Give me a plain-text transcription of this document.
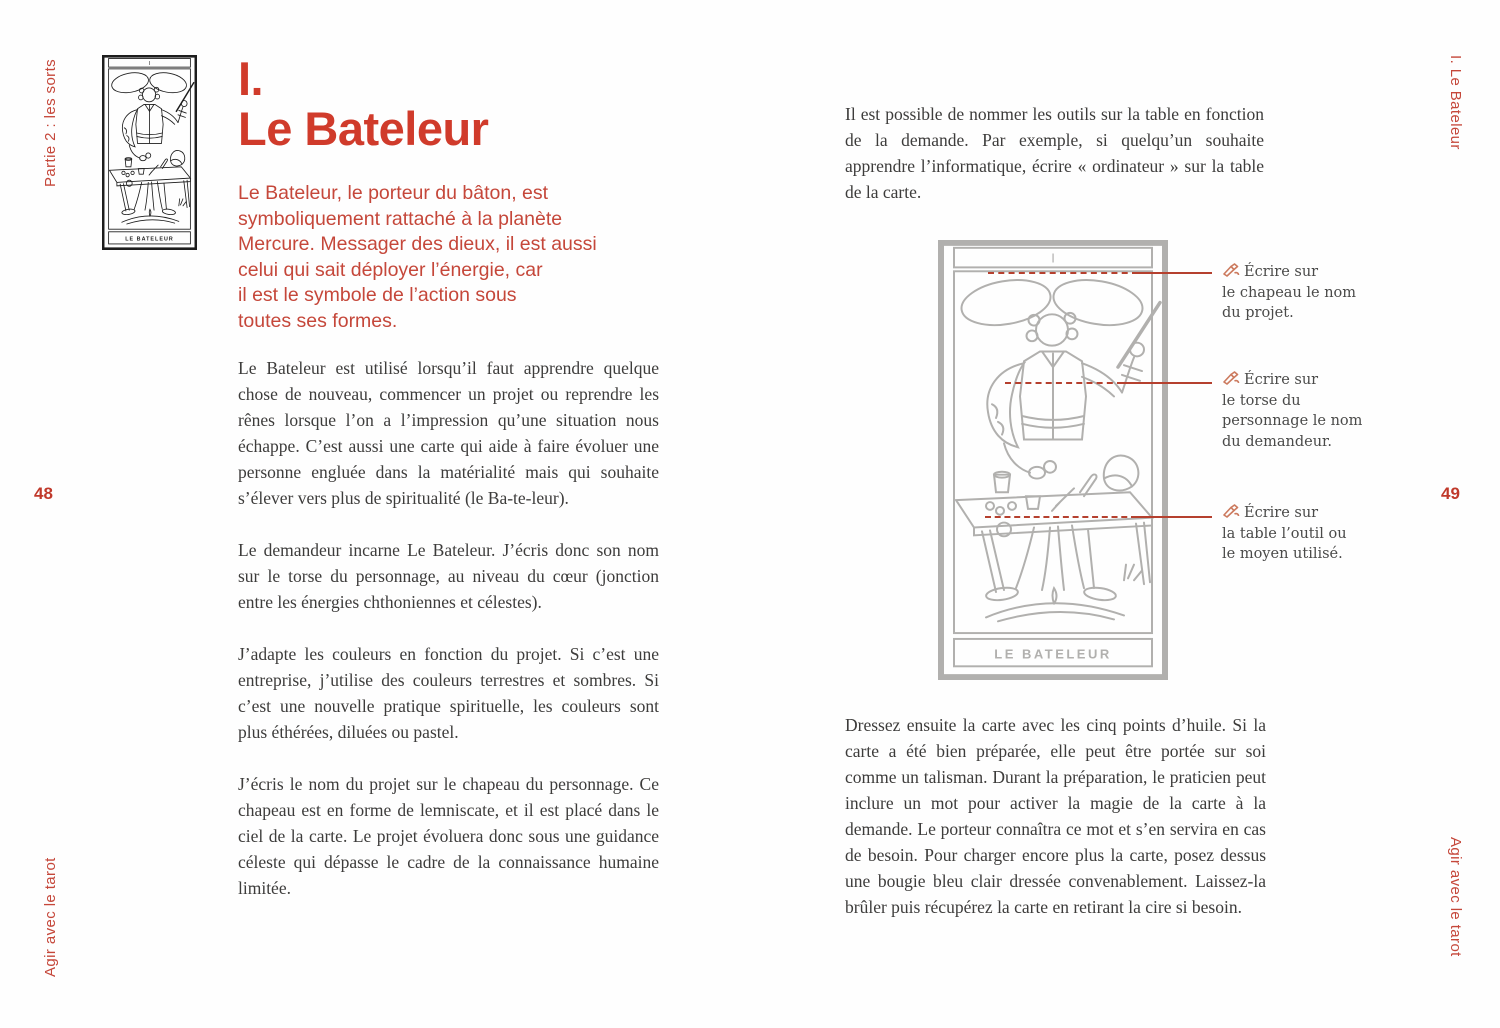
Partie 2 : les sorts
48
Agir avec le tarot
I
LE BATELEUR
I.
Le Bateleur
Le Bateleur, le porteur du bâton, est
symboliquement rattaché à la planète
Mercure. Messager des dieux, il est aussi
celui qui sait déployer l’énergie, car
il est le symbole de l’action sous
toutes ses formes.

Le Bateleur est utilisé lorsqu’il faut apprendre quelque chose de nouveau, commencer un projet ou reprendre les rênes lorsque l’on a l’impression qu’une situation nous échappe. C’est aussi une carte qui aide à faire évoluer une personne engluée dans la matérialité mais qui souhaite s’élever vers plus de spiritualité (le Ba-te-leur).

Le demandeur incarne Le Bateleur. J’écris donc son nom sur le torse du personnage, au niveau du cœur (jonction entre les énergies chthoniennes et célestes).

J’adapte les couleurs en fonction du projet. Si c’est une entreprise, j’utilise des couleurs terrestres et sombres. Si c’est une nouvelle pratique spirituelle, les couleurs sont plus éthérées, diluées ou pastel.

J’écris le nom du projet sur le chapeau du personnage. Ce chapeau est en forme de lemniscate, et il est placé dans le ciel de la carte. Le projet évoluera donc sous une guidance céleste qui dépasse le cadre de la connaissance humaine limitée.

Il est possible de nommer les outils sur la table en fonction de la demande. Par exemple, si quelqu’un souhaite apprendre l’informatique, écrire « ordinateur » sur la table de la carte.

I
LE BATELEUR
Écrire sur
le chapeau le nom
du projet.
Écrire sur
le torse du
personnage le nom
du demandeur.
Écrire sur
la table l’outil ou
le moyen utilisé.

Dressez ensuite la carte avec les cinq points d’huile. Si la carte a été bien préparée, elle peut être portée sur soi comme un talisman. Durant la préparation, le praticien peut inclure un mot pour activer la magie de la carte à la demande. Le porteur connaîtra ce mot et s’en servira en cas de besoin. Pour charger encore plus la carte, posez dessus une bougie bleu clair dressée convenablement. Laissez-la brûler puis récupérez la carte en retirant la cire si besoin.

I. Le Bateleur
49
Agir avec le tarot
